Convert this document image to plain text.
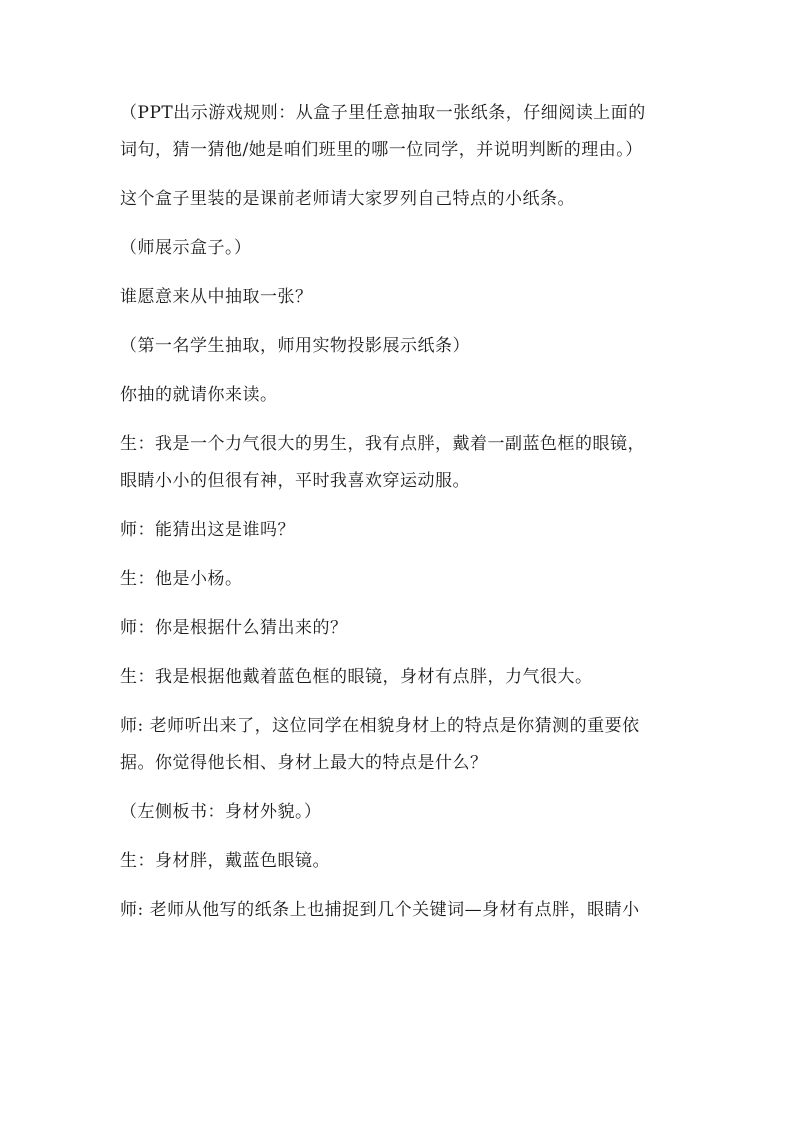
（PPT出示游戏规则：从盒子里任意抽取一张纸条，仔细阅读上面的
词句，猜一猜他/她是咱们班里的哪一位同学，并说明判断的理由。）

这个盒子里装的是课前老师请大家罗列自己特点的小纸条。

（师展示盒子。）

谁愿意来从中抽取一张？

（第一名学生抽取，师用实物投影展示纸条）

你抽的就请你来读。

生：我是一个力气很大的男生，我有点胖，戴着一副蓝色框的眼镜，
眼睛小小的但很有神，平时我喜欢穿运动服。

师：能猜出这是谁吗？

生：他是小杨。

师：你是根据什么猜出来的？

生：我是根据他戴着蓝色框的眼镜，身材有点胖，力气很大。

师: 老师听出来了，这位同学在相貌身材上的特点是你猜测的重要依
据。你觉得他长相、身材上最大的特点是什么？

（左侧板书：身材外貌。）

生：身材胖，戴蓝色眼镜。

师: 老师从他写的纸条上也捕捉到几个关键词—身材有点胖，眼睛小
